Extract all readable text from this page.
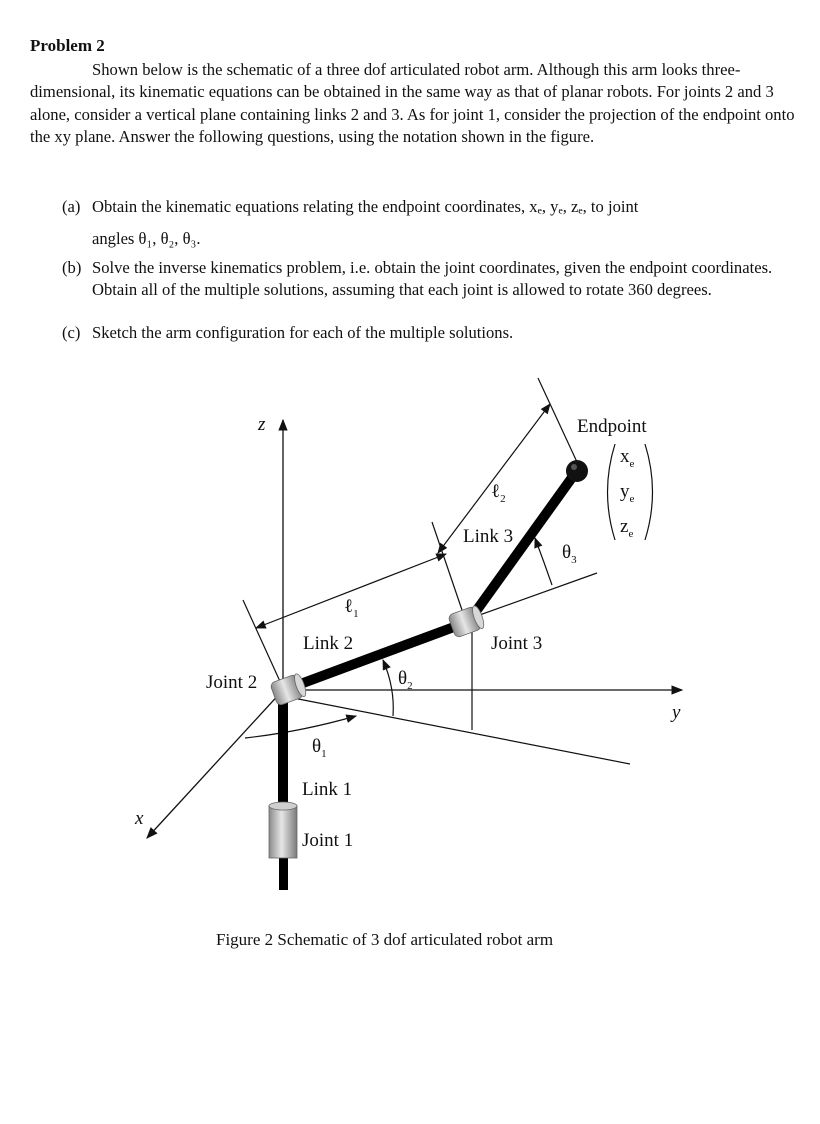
Problem 2

Shown below is the schematic of a three dof articulated robot arm. Although this arm looks three-dimensional, its kinematic equations can be obtained in the same way as that of planar robots. For joints 2 and 3 alone, consider a vertical plane containing links 2 and 3. As for joint 1, consider the projection of the endpoint onto the xy plane. Answer the following questions, using the notation shown in the figure.

(a) Obtain the kinematic equations relating the endpoint coordinates, xₑ, yₑ, zₑ, to joint
angles θ₁, θ₂, θ₃.
(b) Solve the inverse kinematics problem, i.e. obtain the joint coordinates, given the endpoint coordinates. Obtain all of the multiple solutions, assuming that each joint is allowed to rotate 360 degrees.
(c) Sketch the arm configuration for each of the multiple solutions.
z
x
y
Endpoint
$x_e$
$y_e$
$z_e$
ℓ$_1$
ℓ$_2$
$\theta_1$
$\theta_2$
$\theta_3$
Link 1
Link 2
Link 3
Joint 1
Joint 2
Joint 3
Figure 2 Schematic of 3 dof articulated robot arm
